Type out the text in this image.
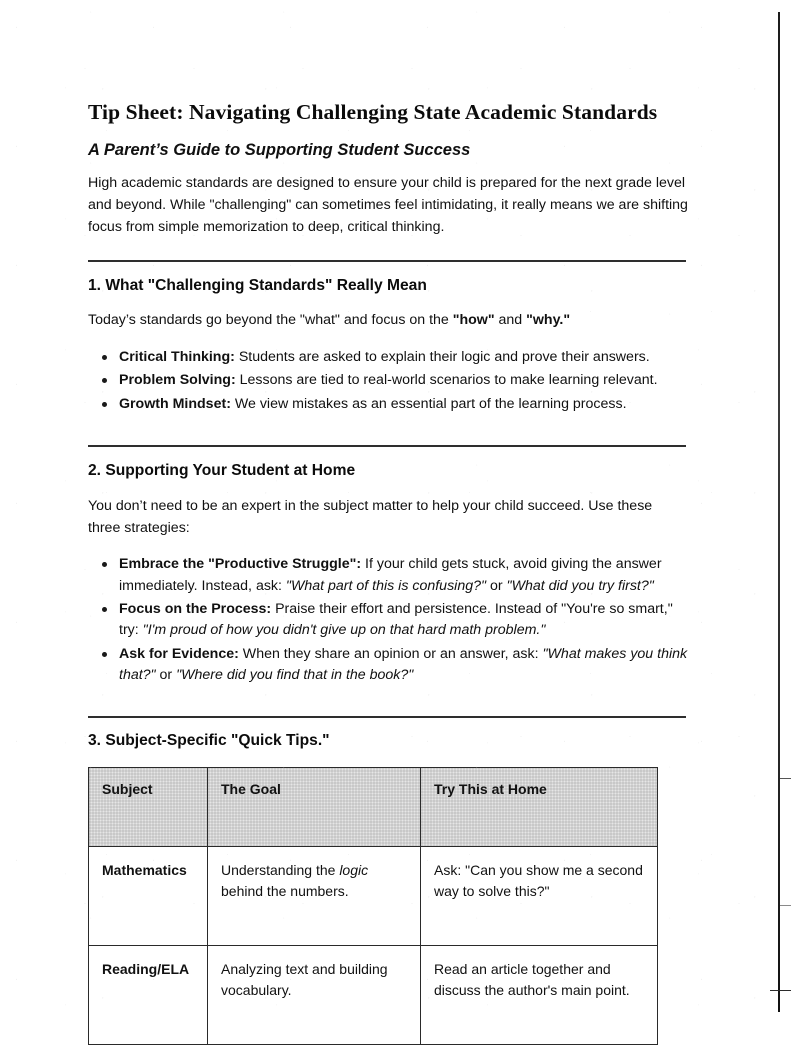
Tip Sheet: Navigating Challenging State Academic Standards
A Parent’s Guide to Supporting Student Success

High academic standards are designed to ensure your child is prepared for the next grade level and beyond. While "challenging" can sometimes feel intimidating, it really means we are shifting focus from simple memorization to deep, critical thinking.

1. What "Challenging Standards" Really Mean

Today’s standards go beyond the "what" and focus on the "how" and "why."

Critical Thinking: Students are asked to explain their logic and prove their answers.
Problem Solving: Lessons are tied to real-world scenarios to make learning relevant.
Growth Mindset: We view mistakes as an essential part of the learning process.
2. Supporting Your Student at Home

You don’t need to be an expert in the subject matter to help your child succeed. Use these three strategies:

Embrace the "Productive Struggle": If your child gets stuck, avoid giving the answer immediately. Instead, ask: "What part of this is confusing?" or "What did you try first?"
Focus on the Process: Praise their effort and persistence. Instead of "You're so smart," try: "I'm proud of how you didn't give up on that hard math problem."
Ask for Evidence: When they share an opinion or an answer, ask: "What makes you think that?" or "Where did you find that in the book?"
3. Subject-Specific "Quick Tips."
Subject	The Goal	Try This at Home
Mathematics	Understanding the logic behind the numbers.	Ask: "Can you show me a second way to solve this?"
Reading/ELA	Analyzing text and building vocabulary.	Read an article together and discuss the author's main point.
